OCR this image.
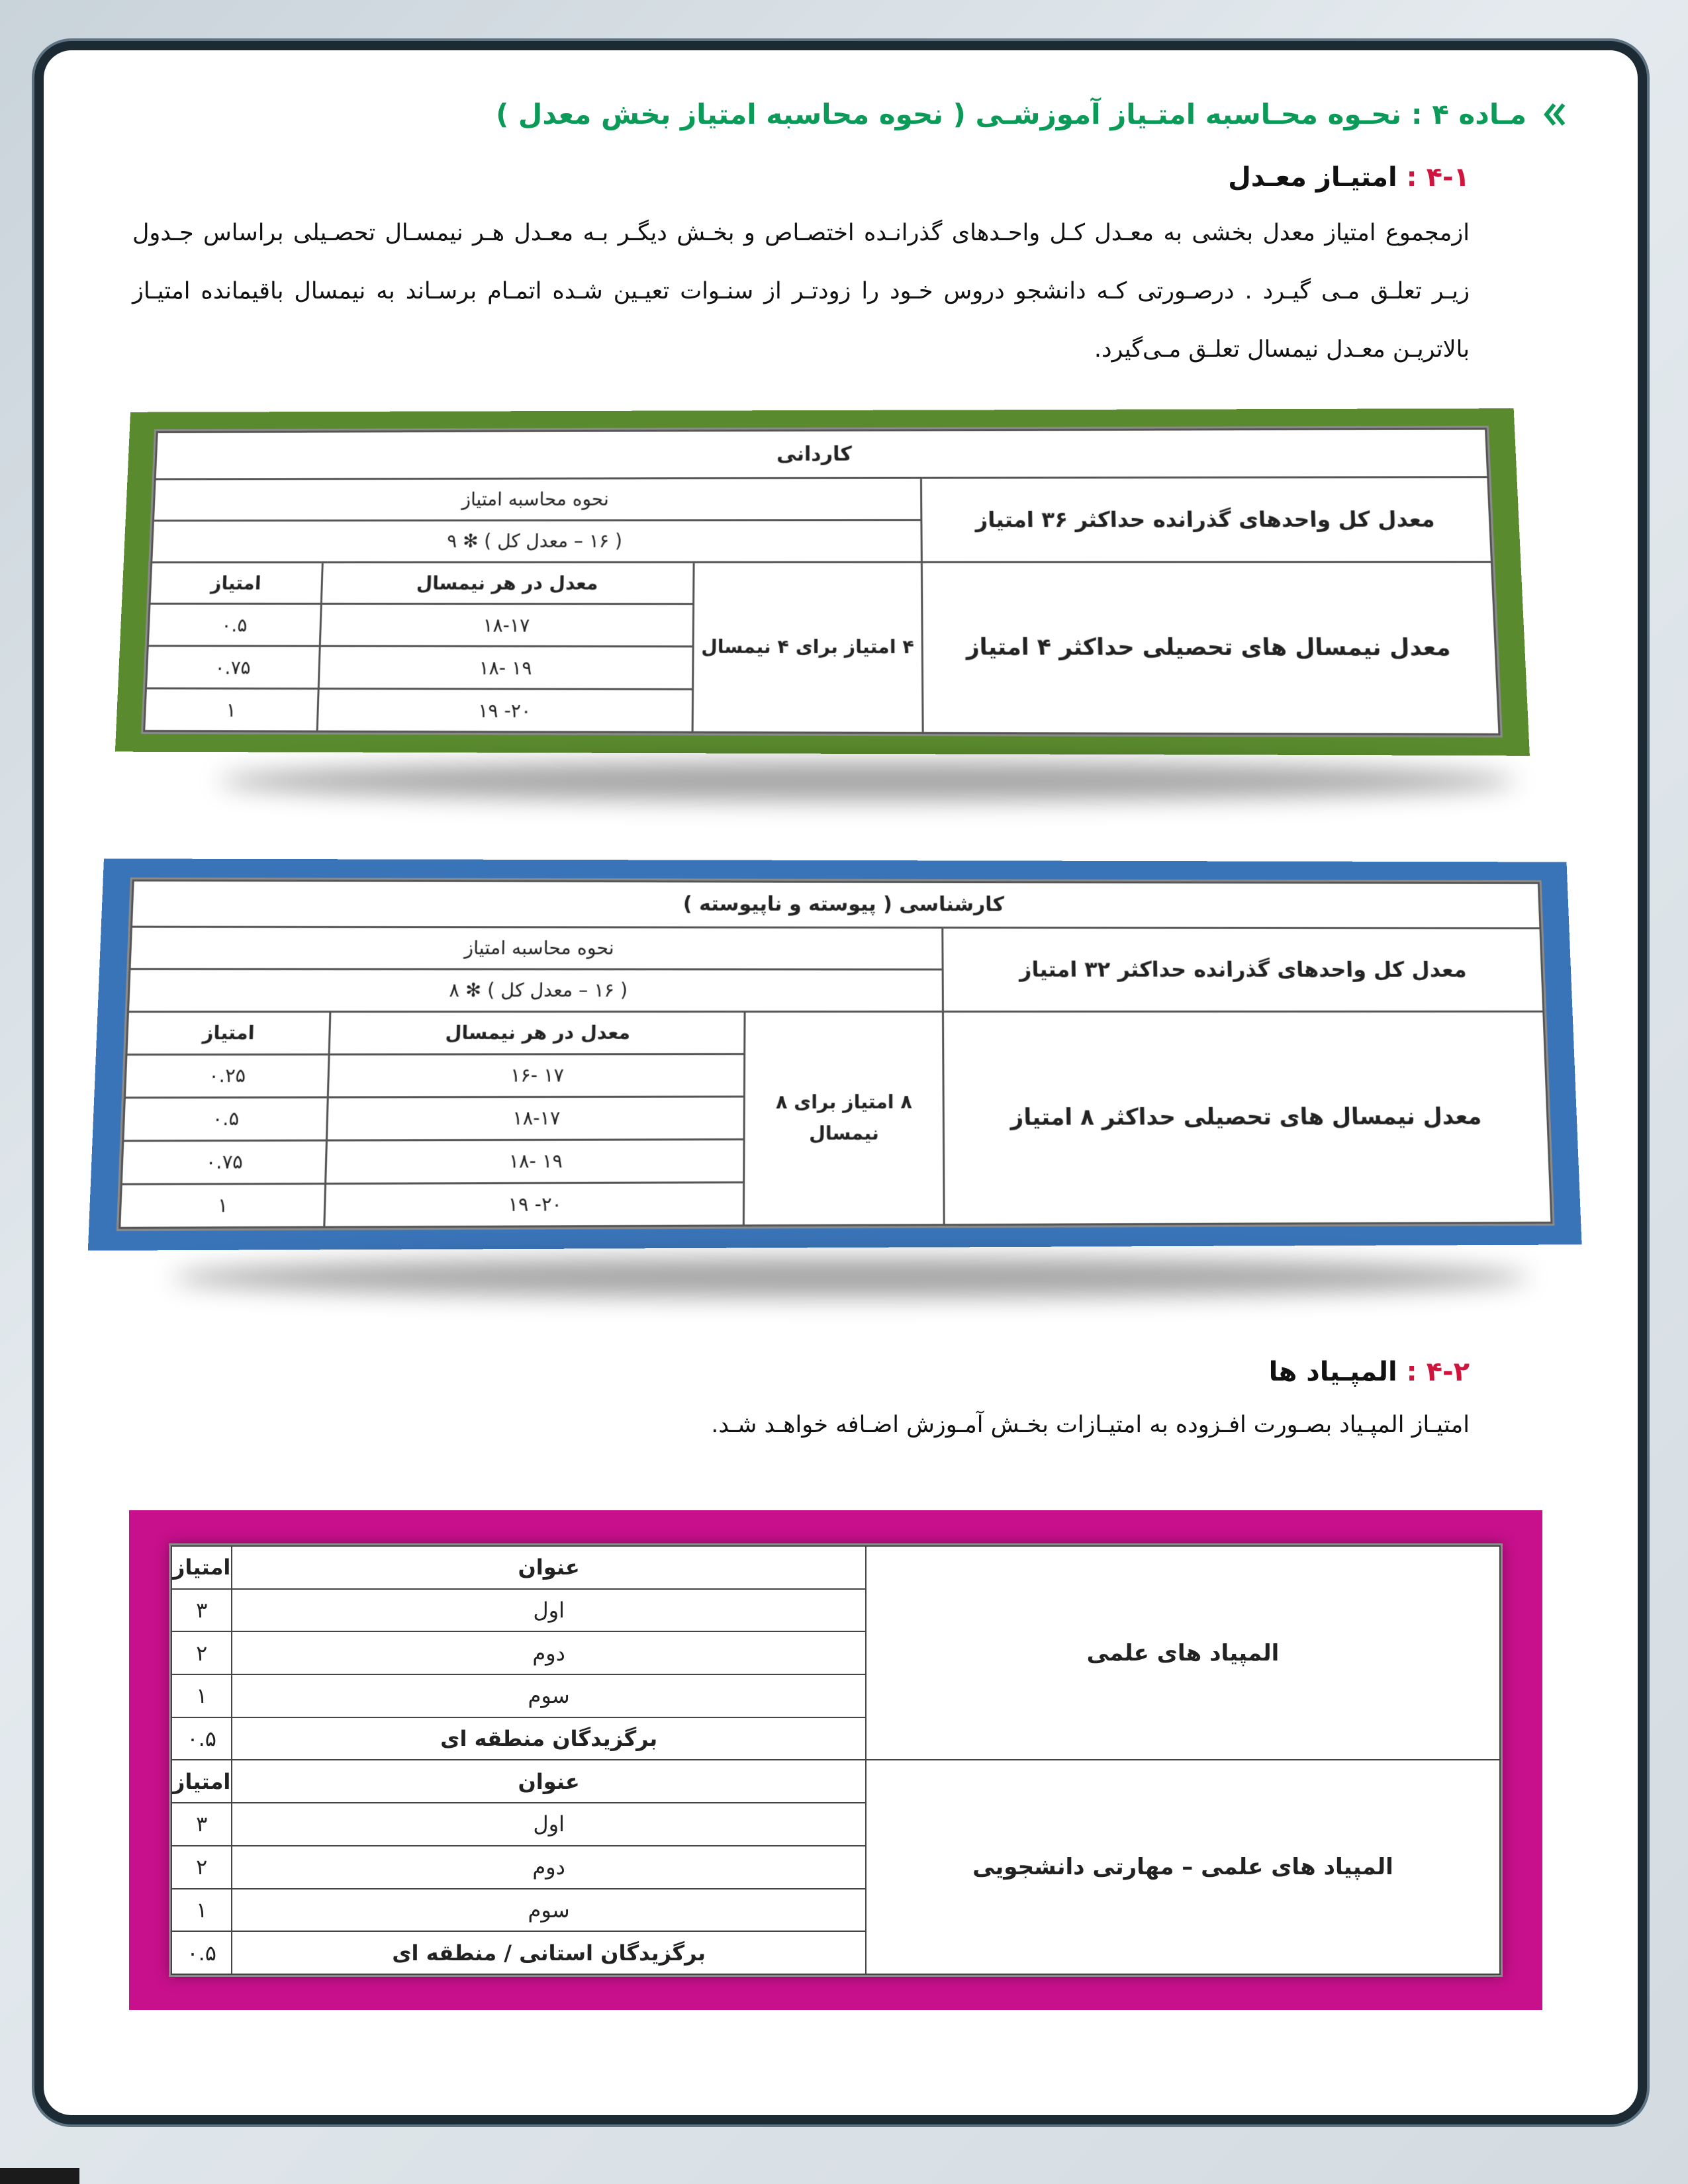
مـاده ۴ : نحـوه محـاسبه امتـیاز آموزشـی ( نحوه محاسبه امتیاز بخش معدل )
۴-۱ : امتیـاز معـدل
ازمجموع امتیاز معدل بخشی به معـدل کـل واحـدهای گذرانـده اختصـاص و بخـش دیگـر بـه معـدل هـر نیمسـال تحصـیلی براساس جـدول زیـر تعلـق مـی گیـرد . درصـورتی کـه دانشجو دروس خـود را زودتـر از سنـوات تعیـین شـده اتمـام برسـاند به نیمسال باقیمانده امتیـاز بالاتریـن معـدل نیمسال تعلـق مـی‌گیرد.
کاردانی			
معدل کل واحدهای گذرانده حداکثر ۳۶ امتیاز	نحوه محاسبه امتیاز		
	( ۱۶ – معدل کل ) ✻ ۹		
معدل نیمسال های تحصیلی حداکثر ۴ امتیاز	۴ امتیاز برای ۴ نیمسال	معدل در هر نیمسال	امتیاز
		۱۸-۱۷	۰.۵
		۱۹ -۱۸	۰.۷۵
		۲۰- ۱۹	۱
کارشناسی ( پیوسته و ناپیوسته )			
معدل کل واحدهای گذرانده حداکثر ۳۲ امتیاز	نحوه محاسبه امتیاز		
	( ۱۶ – معدل کل ) ✻ ۸		
معدل نیمسال های تحصیلی حداکثر ۸ امتیاز	۸ امتیاز برای ۸ نیمسال	معدل در هر نیمسال	امتیاز
		۱۷ -۱۶	۰.۲۵
		۱۸-۱۷	۰.۵
		۱۹ -۱۸	۰.۷۵
		۲۰- ۱۹	۱
۴-۲ : المپـیاد ها
امتیـاز المپـیاد بصـورت افـزوده به امتیـازات بخـش آمـوزش اضـافه خواهـد شـد.
المپیاد های علمی	عنوان	امتیاز
	اول	۳
	دوم	۲
	سوم	۱
	برگزیدگان منطقه ای	۰.۵
المپیاد های علمی – مهارتی دانشجویی	عنوان	امتیاز
	اول	۳
	دوم	۲
	سوم	۱
	برگزیدگان استانی / منطقه ای	۰.۵
